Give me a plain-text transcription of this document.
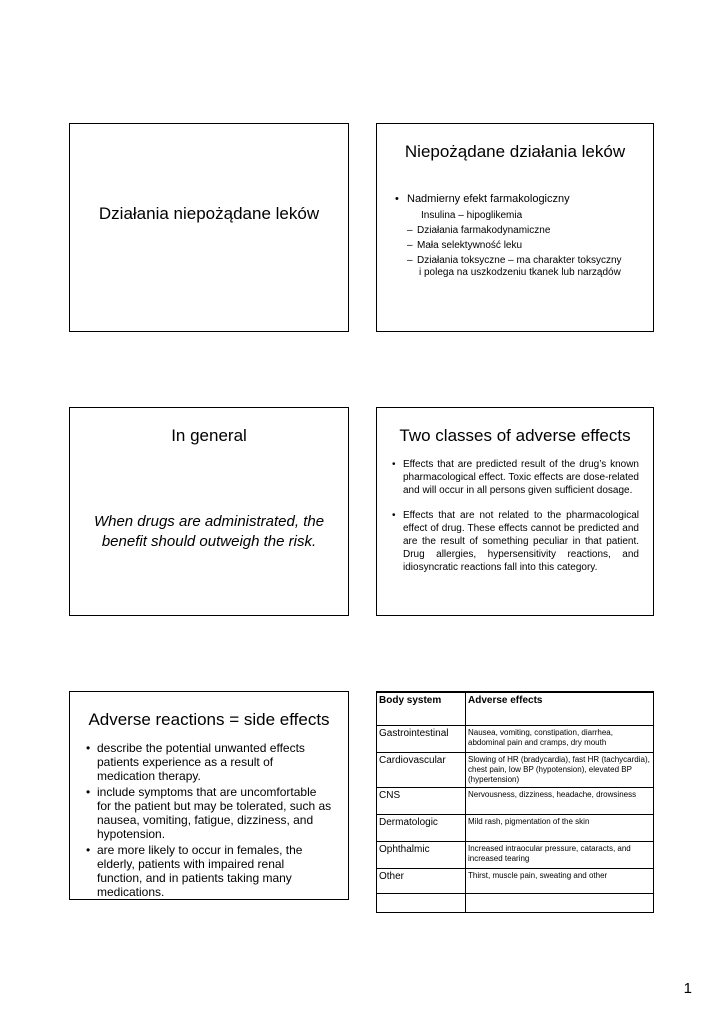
Działania niepożądane leków
Niepożądane działania leków
• Nadmierny efekt farmakologiczny
Insulina – hipoglikemia
– Działania farmakodynamiczne
– Mała selektywność leku
– Działania toksyczne – ma charakter toksyczny
i polega na uszkodzeniu tkanek lub narządów
In general
When drugs are administrated, the benefit should outweigh the risk.
Two classes of adverse effects
• Effects that are predicted result of the drug’s known pharmacological effect. Toxic effects are dose-related and will occur in all persons given sufficient dosage.
• Effects that are not related to the pharmacological effect of drug. These effects cannot be predicted and are the result of something peculiar in that patient. Drug allergies, hypersensitivity reactions, and idiosyncratic reactions fall into this category.
Adverse reactions = side effects
• describe the potential unwanted effects patients experience as a result of medication therapy.
• include symptoms that are uncomfortable for the patient but may be tolerated, such as nausea, vomiting, fatigue, dizziness, and hypotension.
• are more likely to occur in females, the elderly, patients with impaired renal function, and in patients taking many medications.
Body system	Adverse effects
Gastrointestinal	Nausea, vomiting, constipation, diarrhea, abdominal pain and cramps, dry mouth
Cardiovascular	Slowing of HR (bradycardia), fast HR (tachycardia), chest pain, low BP (hypotension), elevated BP (hypertension)
CNS	Nervousness, dizziness, headache, drowsiness
Dermatologic	Mild rash, pigmentation of the skin
Ophthalmic	Increased intraocular pressure, cataracts, and increased tearing
Other	Thirst, muscle pain, sweating and other

1
